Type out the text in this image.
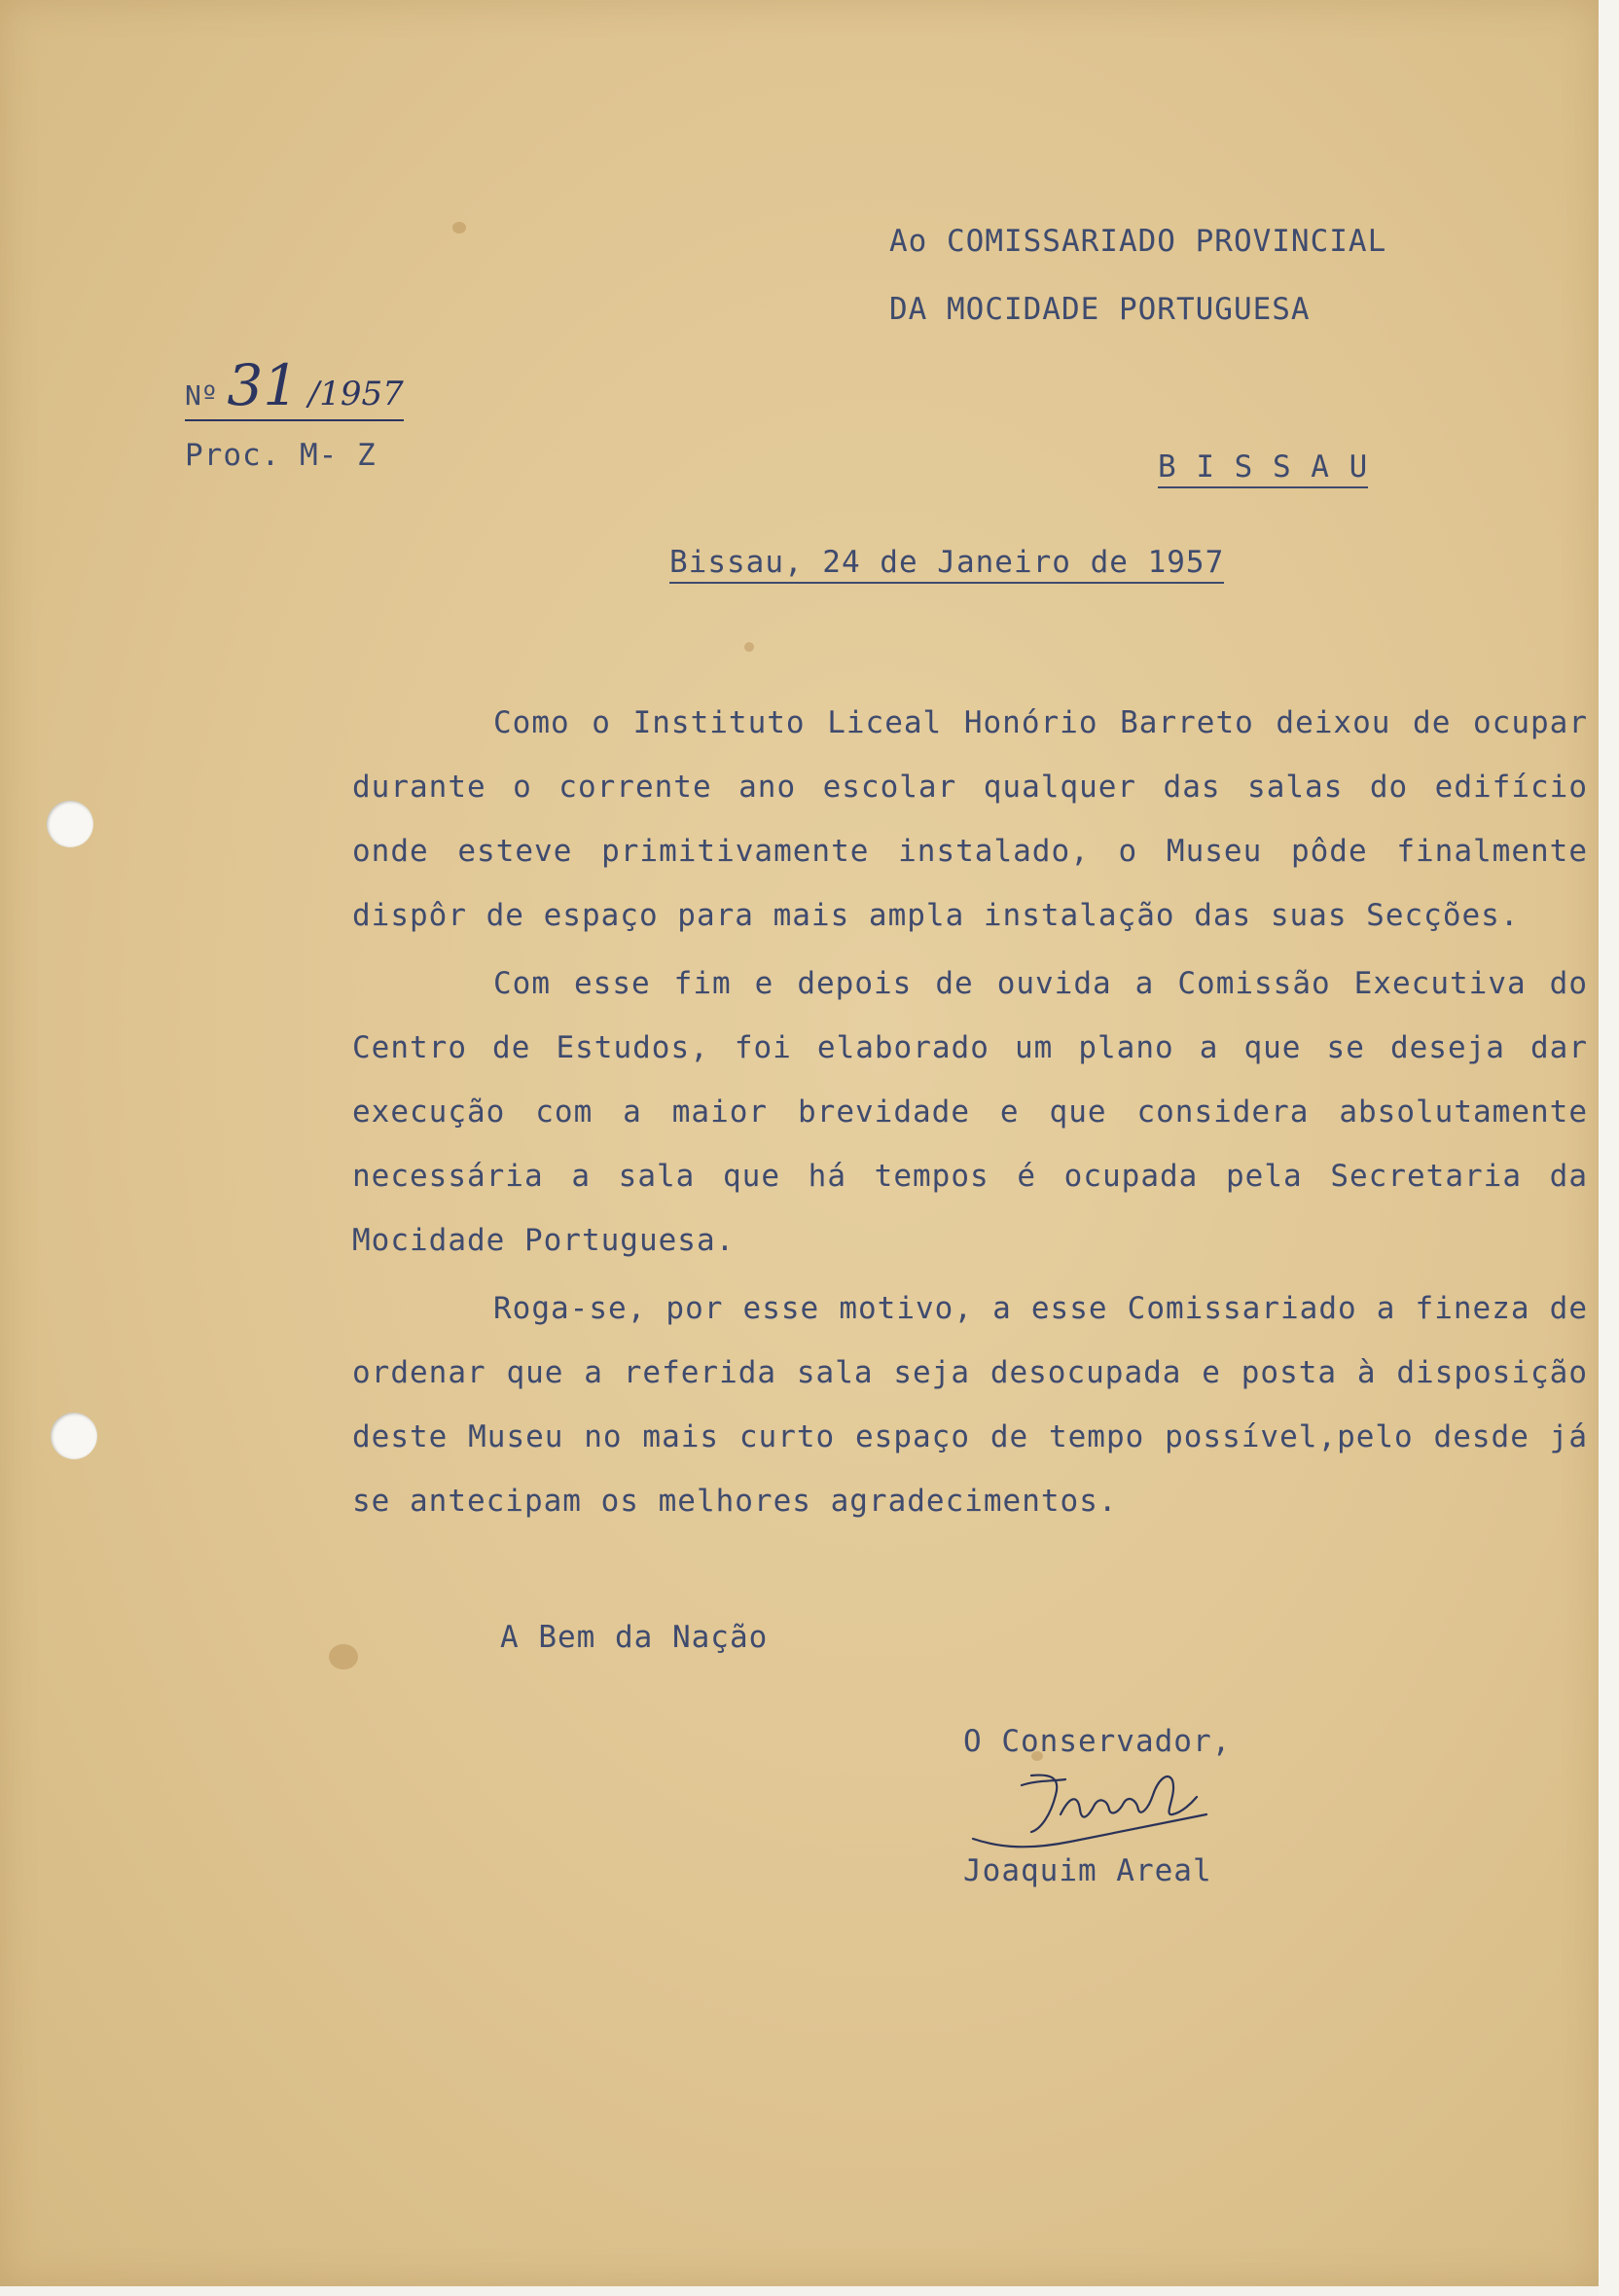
Ao COMISSARIADO PROVINCIAL
DA MOCIDADE PORTUGUESA
Nº 31 /1957
Proc. M- Z	B I S S A U
Bissau, 24 de Janeiro de 1957
Como o Instituto Liceal Honório Barreto deixou de ocupar durante o corrente ano escolar qualquer das salas do edifício onde esteve primitivamente instalado, o Museu pôde finalmente dispôr de espaço para mais ampla instalação das suas Secções.
Com esse fim e depois de ouvida a Comissão Executiva do Centro de Estudos, foi elaborado um plano a que se deseja dar execução com a maior brevidade e que considera absolutamente necessária a sala que há tempos é ocupada pela Secretaria da Mocidade Portuguesa.
Roga-se, por esse motivo, a esse Comissariado a fineza de ordenar que a referida sala seja desocupada e posta à disposição deste Museu no mais curto espaço de tempo possível,pelo desde já se antecipam os melhores agradecimentos.
A Bem da Nação
O Conservador,
Joaquim Areal
